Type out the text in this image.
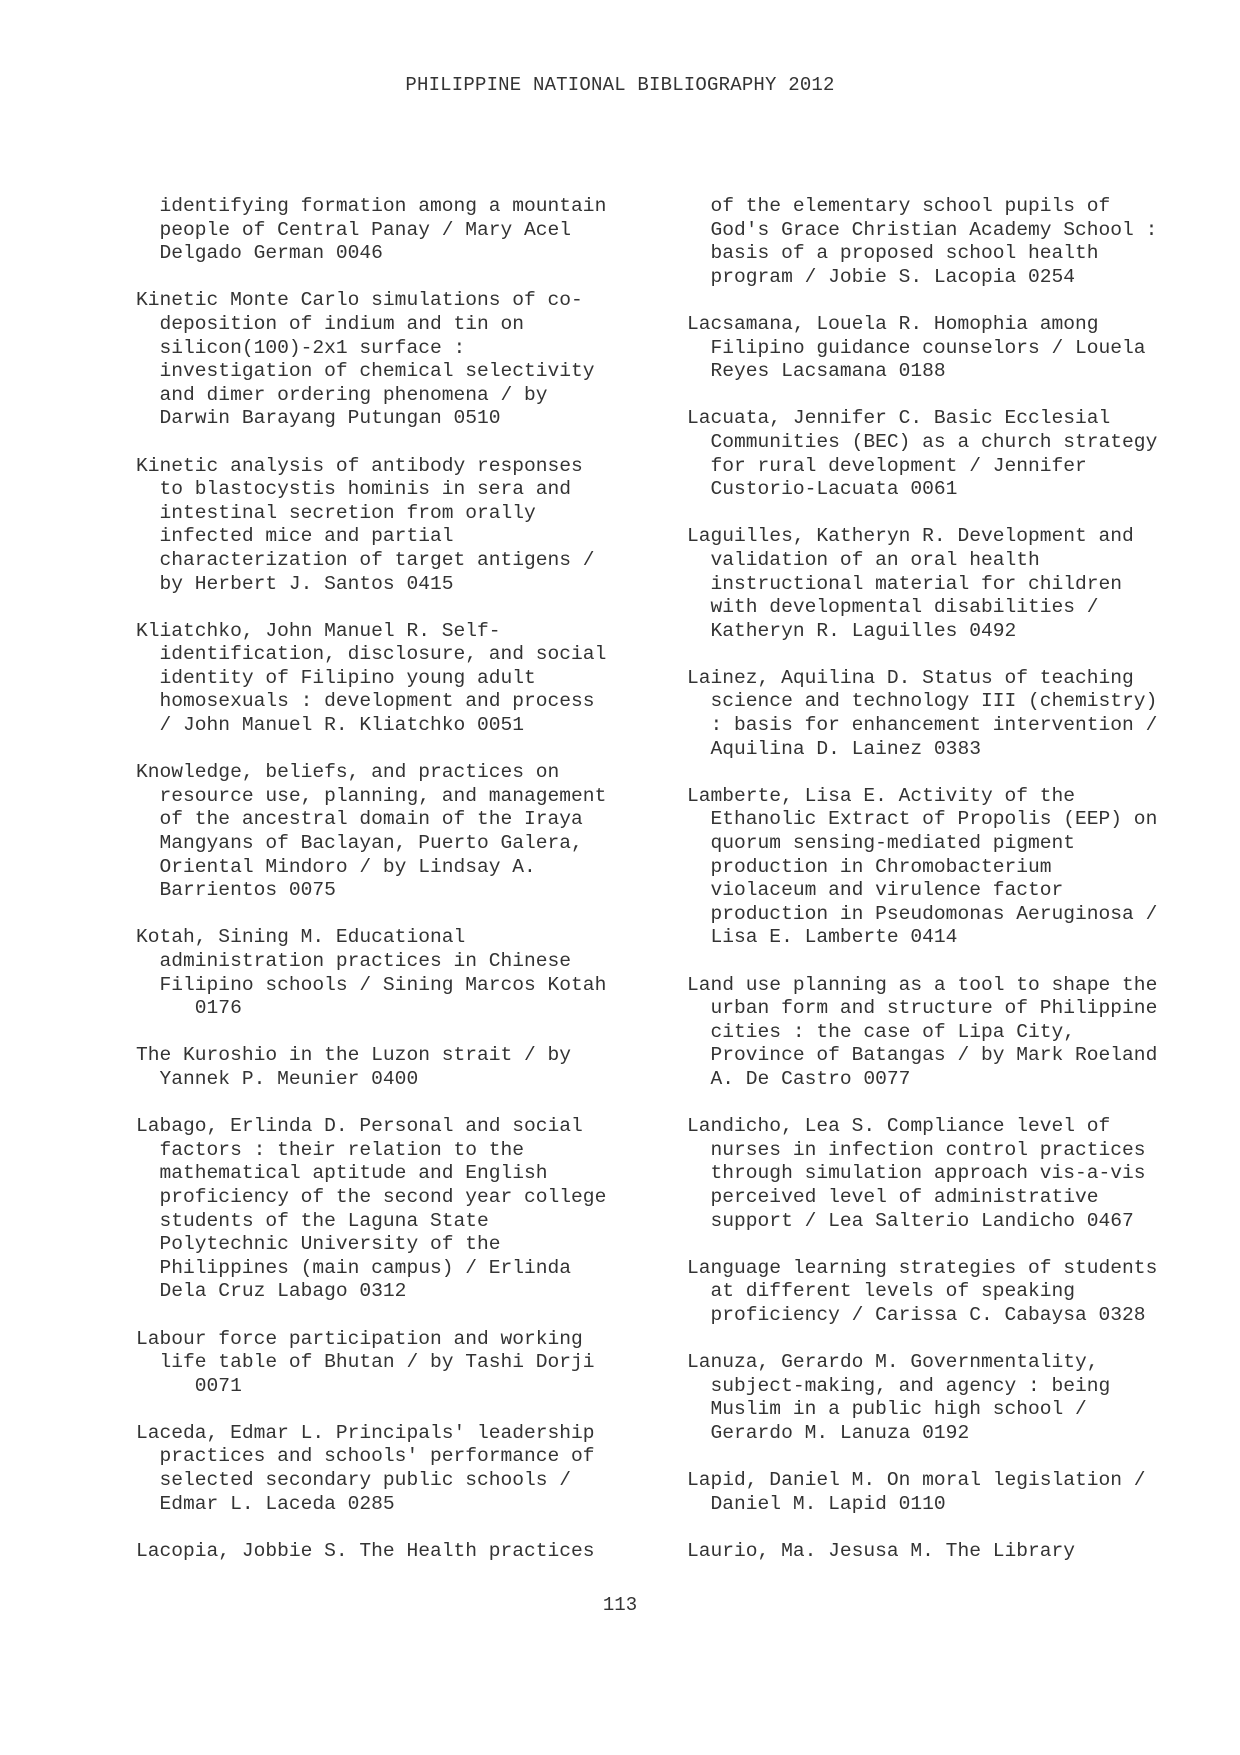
PHILIPPINE NATIONAL BIBLIOGRAPHY 2012
identifying formation among a mountain
people of Central Panay / Mary Acel
Delgado German 0046
Kinetic Monte Carlo simulations of co-
deposition of indium and tin on
silicon(100)-2x1 surface :
investigation of chemical selectivity
and dimer ordering phenomena / by
Darwin Barayang Putungan 0510
Kinetic analysis of antibody responses
to blastocystis hominis in sera and
intestinal secretion from orally
infected mice and partial
characterization of target antigens /
by Herbert J. Santos 0415
Kliatchko, John Manuel R. Self-
identification, disclosure, and social
identity of Filipino young adult
homosexuals : development and process
/ John Manuel R. Kliatchko 0051
Knowledge, beliefs, and practices on
resource use, planning, and management
of the ancestral domain of the Iraya
Mangyans of Baclayan, Puerto Galera,
Oriental Mindoro / by Lindsay A.
Barrientos 0075
Kotah, Sining M. Educational
administration practices in Chinese
Filipino schools / Sining Marcos Kotah
0176
The Kuroshio in the Luzon strait / by
Yannek P. Meunier 0400
Labago, Erlinda D. Personal and social
factors : their relation to the
mathematical aptitude and English
proficiency of the second year college
students of the Laguna State
Polytechnic University of the
Philippines (main campus) / Erlinda
Dela Cruz Labago 0312
Labour force participation and working
life table of Bhutan / by Tashi Dorji
0071
Laceda, Edmar L. Principals' leadership
practices and schools' performance of
selected secondary public schools /
Edmar L. Laceda 0285
Lacopia, Jobbie S. The Health practices
of the elementary school pupils of
God's Grace Christian Academy School :
basis of a proposed school health
program / Jobie S. Lacopia 0254
Lacsamana, Louela R. Homophia among
Filipino guidance counselors / Louela
Reyes Lacsamana 0188
Lacuata, Jennifer C. Basic Ecclesial
Communities (BEC) as a church strategy
for rural development / Jennifer
Custorio-Lacuata 0061
Laguilles, Katheryn R. Development and
validation of an oral health
instructional material for children
with developmental disabilities /
Katheryn R. Laguilles 0492
Lainez, Aquilina D. Status of teaching
science and technology III (chemistry)
: basis for enhancement intervention /
Aquilina D. Lainez 0383
Lamberte, Lisa E. Activity of the
Ethanolic Extract of Propolis (EEP) on
quorum sensing-mediated pigment
production in Chromobacterium
violaceum and virulence factor
production in Pseudomonas Aeruginosa /
Lisa E. Lamberte 0414
Land use planning as a tool to shape the
urban form and structure of Philippine
cities : the case of Lipa City,
Province of Batangas / by Mark Roeland
A. De Castro 0077
Landicho, Lea S. Compliance level of
nurses in infection control practices
through simulation approach vis-a-vis
perceived level of administrative
support / Lea Salterio Landicho 0467
Language learning strategies of students
at different levels of speaking
proficiency / Carissa C. Cabaysa 0328
Lanuza, Gerardo M. Governmentality,
subject-making, and agency : being
Muslim in a public high school /
Gerardo M. Lanuza 0192
Lapid, Daniel M. On moral legislation /
Daniel M. Lapid 0110
Laurio, Ma. Jesusa M. The Library
113
